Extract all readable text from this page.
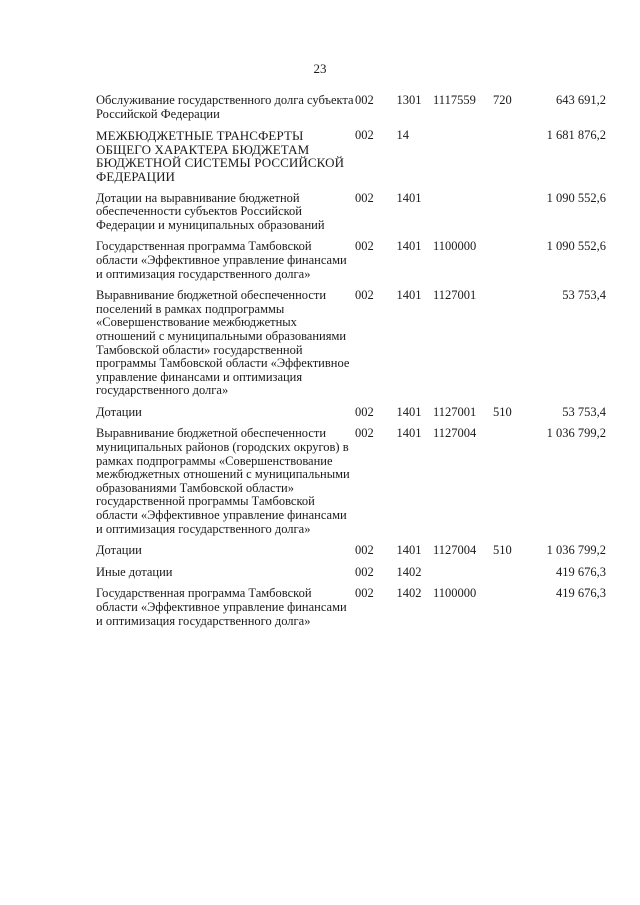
23
Обслуживание государственного долга субъекта Российской Федерации	002	13	01	1117559	720	643 691,2
МЕЖБЮДЖЕТНЫЕ ТРАНСФЕРТЫ ОБЩЕГО ХАРАКТЕРА БЮДЖЕТАМ БЮДЖЕТНОЙ СИСТЕМЫ РОССИЙСКОЙ ФЕДЕРАЦИИ	002	14				1 681 876,2
Дотации на выравнивание бюджетной обеспеченности субъектов Российской Федерации и муниципальных образований	002	14	01			1 090 552,6
Государственная программа Тамбовской области «Эффективное управление финансами и оптимизация государственного долга»	002	14	01	1100000		1 090 552,6
Выравнивание бюджетной обеспеченности поселений в рамках подпрограммы «Совершенствование межбюджетных отношений с муниципальными образованиями Тамбовской области» государственной программы Тамбовской области «Эффективное управление финансами и оптимизация государственного долга»	002	14	01	1127001		53 753,4
Дотации	002	14	01	1127001	510	53 753,4
Выравнивание бюджетной обеспеченности муниципальных районов (городских округов) в рамках подпрограммы «Совершенствование межбюджетных отношений с муниципальными образованиями Тамбовской области» государственной программы Тамбовской области «Эффективное управление финансами и оптимизация государственного долга»	002	14	01	1127004		1 036 799,2
Дотации	002	14	01	1127004	510	1 036 799,2
Иные дотации	002	14	02			419 676,3
Государственная программа Тамбовской области «Эффективное управление финансами и оптимизация государственного долга»	002	14	02	1100000		419 676,3
